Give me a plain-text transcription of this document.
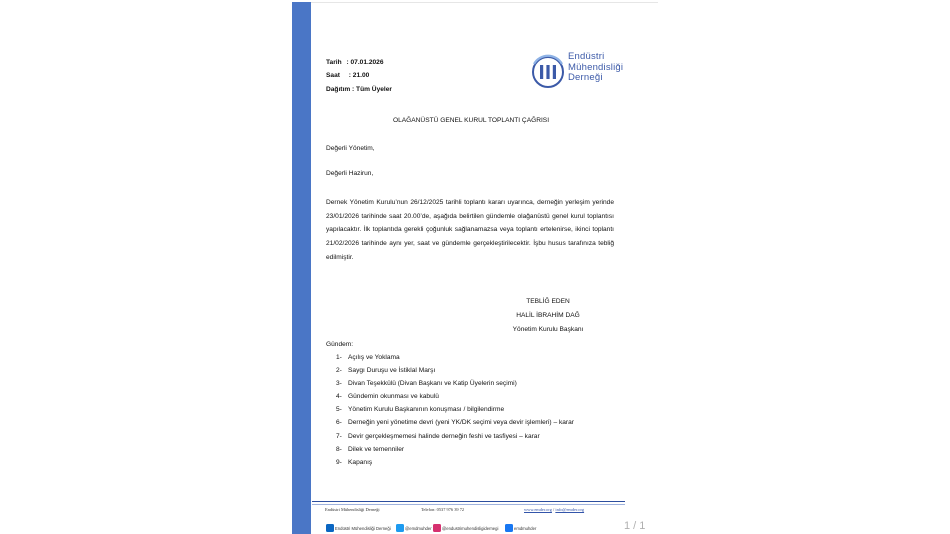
Tarih : 07.01.2026
Saat : 21.00
Dağıtım : Tüm Üyeler
Endüstri
Mühendisliği
Derneği
OLAĞANÜSTÜ GENEL KURUL TOPLANTI ÇAĞRISI
Değerli Yönetim,
Değerli Hazirun,
Dernek Yönetim Kurulu’nun 26/12/2025 tarihli toplantı kararı uyarınca, derneğin yerleşim yerinde 23/01/2026 tarihinde saat 20.00’de, aşağıda belirtilen gündemle olağanüstü genel kurul toplantısı yapılacaktır. İlk toplantıda gerekli çoğunluk sağlanamazsa veya toplantı ertelenirse, ikinci toplantı 21/02/2026 tarihinde aynı yer, saat ve gündemle gerçekleştirilecektir. İşbu husus tarafınıza tebliğ edilmiştir.
TEBLİĞ EDEN
HALİL İBRAHİM DAĞ
Yönetim Kurulu Başkanı
Gündem:
1- Açılış ve Yoklama
2- Saygı Duruşu ve İstiklal Marşı
3- Divan Teşekkülü (Divan Başkanı ve Katip Üyelerin seçimi)
4- Gündemin okunması ve kabulü
5- Yönetim Kurulu Başkanının konuşması / bilgilendirme
6- Derneğin yeni yönetime devri (yeni YK/DK seçimi veya devir işlemleri) – karar
7- Devir gerçekleşmemesi halinde derneğin feshi ve tasfiyesi – karar
8- Dilek ve temenniler
9- Kapanış
Endüstri Mühendisliği Derneği	Telefon: 0537 976 39 72	www.emder.org / info@emder.org
Endüstri Mühendisliği Derneği	@emdmuhder @endustrimuhendisligidernegi	emdmuhder	1 / 1
